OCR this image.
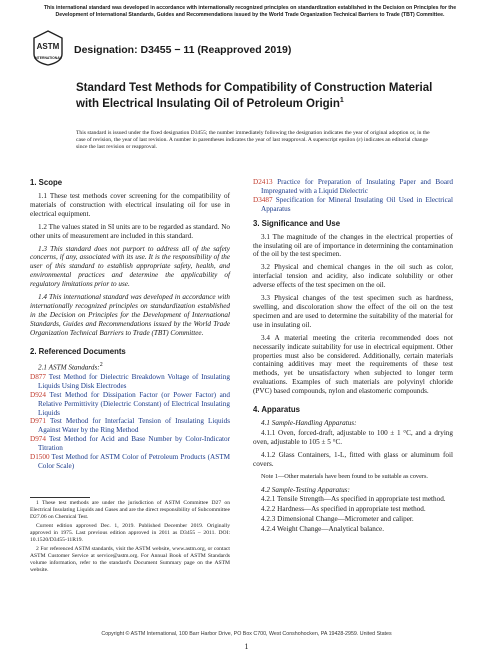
This international standard was developed in accordance with internationally recognized principles on standardization established in the Decision on Principles for the Development of International Standards, Guides and Recommendations issued by the World Trade Organization Technical Barriers to Trade (TBT) Committee.
ASTM
INTERNATIONAL
Designation: D3455 − 11 (Reapproved 2019)
Standard Test Methods for Compatibility of Construction Material with Electrical Insulating Oil of Petroleum Origin$^1$
This standard is issued under the fixed designation D3455; the number immediately following the designation indicates the year of original adoption or, in the case of revision, the year of last revision. A number in parentheses indicates the year of last reapproval. A superscript epsilon (ε) indicates an editorial change since the last revision or reapproval.
1. Scope

1.1 These test methods cover screening for the compatibility of materials of construction with electrical insulating oil for use in electrical equipment.

1.2 The values stated in SI units are to be regarded as standard. No other units of measurement are included in this standard.

1.3 This standard does not purport to address all of the safety concerns, if any, associated with its use. It is the responsibility of the user of this standard to establish appropriate safety, health, and environmental practices and determine the applicability of regulatory limitations prior to use.

1.4 This international standard was developed in accordance with internationally recognized principles on standardization established in the Decision on Principles for the Development of International Standards, Guides and Recommendations issued by the World Trade Organization Technical Barriers to Trade (TBT) Committee.

2. Referenced Documents

2.1 ASTM Standards:$^2$

D877 Test Method for Dielectric Breakdown Voltage of Insulating Liquids Using Disk Electrodes
D924 Test Method for Dissipation Factor (or Power Factor) and Relative Permittivity (Dielectric Constant) of Electrical Insulating Liquids
D971 Test Method for Interfacial Tension of Insulating Liquids Against Water by the Ring Method
D974 Test Method for Acid and Base Number by Color-Indicator Titration
D1500 Test Method for ASTM Color of Petroleum Products (ASTM Color Scale)
D2413 Practice for Preparation of Insulating Paper and Board Impregnated with a Liquid Dielectric
D3487 Specification for Mineral Insulating Oil Used in Electrical Apparatus
3. Significance and Use

3.1 The magnitude of the changes in the electrical properties of the insulating oil are of importance in determining the contamination of the oil by the test specimen.

3.2 Physical and chemical changes in the oil such as color, interfacial tension and acidity, also indicate solubility or other adverse effects of the test specimen on the oil.

3.3 Physical changes of the test specimen such as hardness, swelling, and discoloration show the effect of the oil on the test specimen and are used to determine the suitability of the material for use in insulating oil.

3.4 A material meeting the criteria recommended does not necessarily indicate suitability for use in electrical equipment. Other properties must also be considered. Additionally, certain materials containing additives may meet the requirements of these test methods, yet be unsatisfactory when subjected to longer term evaluations. Examples of such materials are polyvinyl chloride (PVC) based compounds, nylon and elastomeric compounds.

4. Apparatus

4.1 Sample-Handling Apparatus:

4.1.1 Oven, forced-draft, adjustable to 100 ± 1 °C, and a drying oven, adjustable to 105 ± 5 °C.

4.1.2 Glass Containers, 1-L, fitted with glass or aluminum foil covers.

Note 1—Other materials have been found to be suitable as covers.

4.2 Sample-Testing Apparatus:

4.2.1 Tensile Strength—As specified in appropriate test method.

4.2.2 Hardness—As specified in appropriate test method.

4.2.3 Dimensional Change—Micrometer and caliper.

4.2.4 Weight Change—Analytical balance.

1 These test methods are under the jurisdiction of ASTM Committee D27 on Electrical Insulating Liquids and Gases and are the direct responsibility of Subcommittee D27.06 on Chemical Test.
Current edition approved Dec. 1, 2019. Published December 2019. Originally approved in 1975. Last previous edition approved in 2011 as D3455 – 2011. DOI: 10.1520/D3455-11R19.
2 For referenced ASTM standards, visit the ASTM website, www.astm.org, or contact ASTM Customer Service at service@astm.org. For Annual Book of ASTM Standards volume information, refer to the standard's Document Summary page on the ASTM website.
Copyright © ASTM International, 100 Barr Harbor Drive, PO Box C700, West Conshohocken, PA 19428-2959. United States
1
